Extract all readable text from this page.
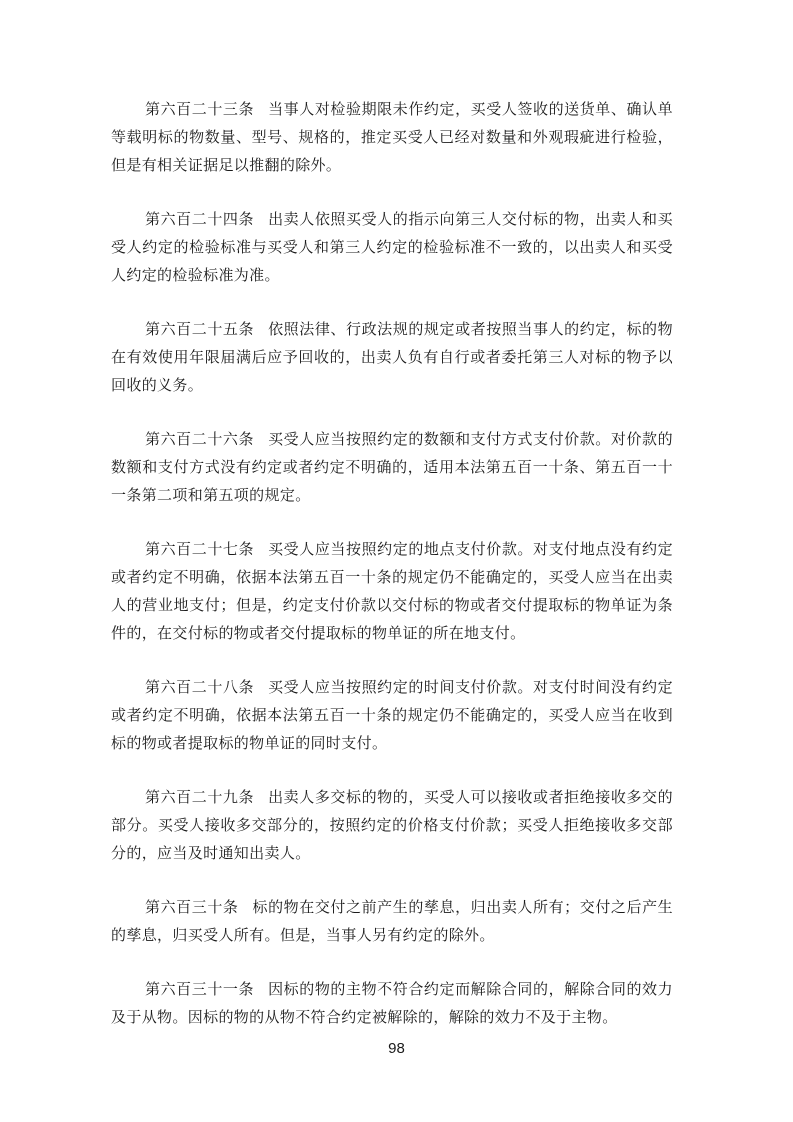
第六百二十三条 当事人对检验期限未作约定，买受人签收的送货单、确认单等载明标的物数量、型号、规格的，推定买受人已经对数量和外观瑕疵进行检验，但是有相关证据足以推翻的除外。

第六百二十四条 出卖人依照买受人的指示向第三人交付标的物，出卖人和买受人约定的检验标准与买受人和第三人约定的检验标准不一致的，以出卖人和买受人约定的检验标准为准。

第六百二十五条 依照法律、行政法规的规定或者按照当事人的约定，标的物在有效使用年限届满后应予回收的，出卖人负有自行或者委托第三人对标的物予以回收的义务。

第六百二十六条 买受人应当按照约定的数额和支付方式支付价款。对价款的数额和支付方式没有约定或者约定不明确的，适用本法第五百一十条、第五百一十一条第二项和第五项的规定。

第六百二十七条 买受人应当按照约定的地点支付价款。对支付地点没有约定或者约定不明确，依据本法第五百一十条的规定仍不能确定的，买受人应当在出卖人的营业地支付；但是，约定支付价款以交付标的物或者交付提取标的物单证为条件的，在交付标的物或者交付提取标的物单证的所在地支付。

第六百二十八条 买受人应当按照约定的时间支付价款。对支付时间没有约定或者约定不明确，依据本法第五百一十条的规定仍不能确定的，买受人应当在收到标的物或者提取标的物单证的同时支付。

第六百二十九条 出卖人多交标的物的，买受人可以接收或者拒绝接收多交的部分。买受人接收多交部分的，按照约定的价格支付价款；买受人拒绝接收多交部分的，应当及时通知出卖人。

第六百三十条 标的物在交付之前产生的孳息，归出卖人所有；交付之后产生的孳息，归买受人所有。但是，当事人另有约定的除外。

第六百三十一条 因标的物的主物不符合约定而解除合同的，解除合同的效力及于从物。因标的物的从物不符合约定被解除的，解除的效力不及于主物。

98
